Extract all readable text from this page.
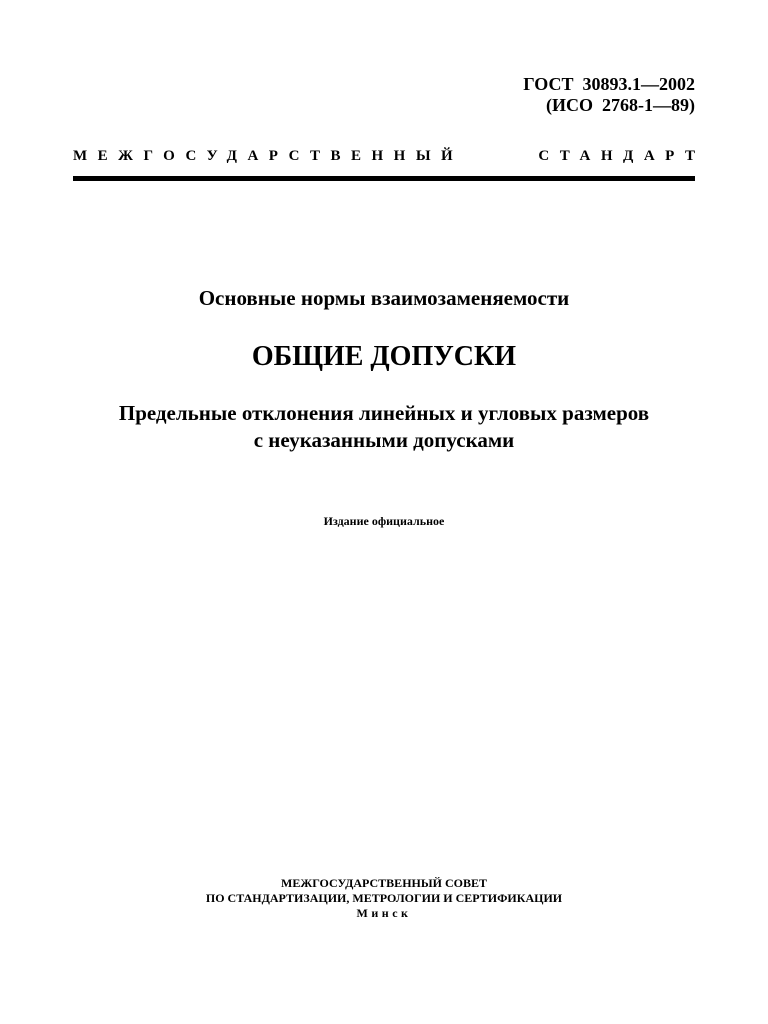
ГОСТ  30893.1—2002
(ИСО  2768-1—89)
МЕЖГОСУДАРСТВЕННЫЙ	СТАНДАРТ
Основные нормы взаимозаменяемости
ОБЩИЕ ДОПУСКИ
Предельные отклонения линейных и угловых размеров
с неуказанными допусками
Издание официальное
МЕЖГОСУДАРСТВЕННЫЙ СОВЕТ
ПО СТАНДАРТИЗАЦИИ, МЕТРОЛОГИИ И СЕРТИФИКАЦИИ
Минск
